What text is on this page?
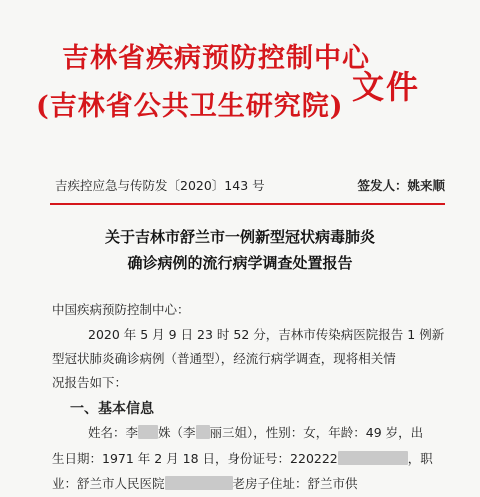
吉林省疾病预防控制中心
(吉林省公共卫生研究院)
文件
吉疾控应急与传防发〔2020〕143 号	签发人：姚来顺
关于吉林市舒兰市一例新型冠状病毒肺炎
确诊病例的流行病学调查处置报告
中国疾病预防控制中心：
2020 年 5 月 9 日 23 时 52 分，吉林市传染病医院报告 1 例新
型冠状肺炎确诊病例（普通型），经流行病学调查，现将相关情
况报告如下：
一、基本信息
姓名：李 姝（李 丽三姐），性别：女，年龄：49 岁，出
生日期：1971 年 2 月 18 日，身份证号：220222	，职
业：舒兰市人民医院	老房子住址：舒兰市供
